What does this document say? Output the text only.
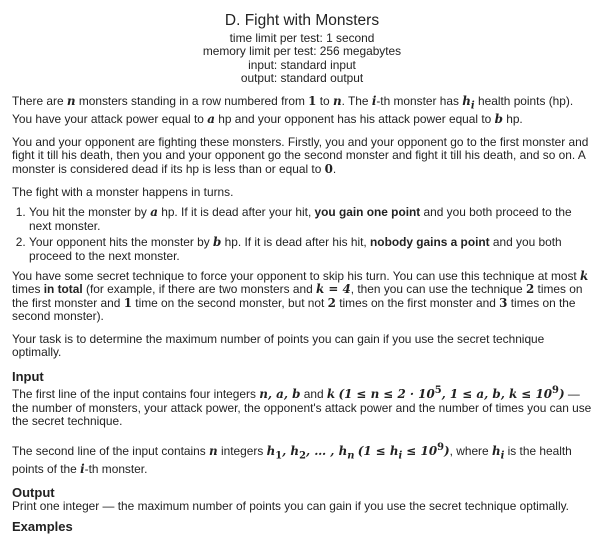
D. Fight with Monsters
time limit per test: 1 second
memory limit per test: 256 megabytes
input: standard input
output: standard output

There are n monsters standing in a row numbered from 1 to n. The i-th monster has $h_i$ health points (hp). You have your attack power equal to a hp and your opponent has his attack power equal to b hp.

You and your opponent are fighting these monsters. Firstly, you and your opponent go to the first monster and fight it till his death, then you and your opponent go the second monster and fight it till his death, and so on. A monster is considered dead if its hp is less than or equal to 0.

The fight with a monster happens in turns.

1. You hit the monster by a hp. If it is dead after your hit, you gain one point and you both proceed to the next monster.
2. Your opponent hits the monster by b hp. If it is dead after his hit, nobody gains a point and you both proceed to the next monster.

You have some secret technique to force your opponent to skip his turn. You can use this technique at most k times in total (for example, if there are two monsters and k = 4, then you can use the technique 2 times on the first monster and 1 time on the second monster, but not 2 times on the first monster and 3 times on the second monster).

Your task is to determine the maximum number of points you can gain if you use the secret technique optimally.

Input

The first line of the input contains four integers n, a, b and k ($1 \le n \le 2 \cdot 10^5$, 1 ≤ a, b, $k \le 10^9$) — the number of monsters, your attack power, the opponent's attack power and the number of times you can use the secret technique.

The second line of the input contains n integers $h_1$, $h_2$, … , $h_n$ $(1 \le h_i \le 10^9)$, where $h_i$ is the health points of the i-th monster.

Output

Print one integer — the maximum number of points you can gain if you use the secret technique optimally.

Examples
